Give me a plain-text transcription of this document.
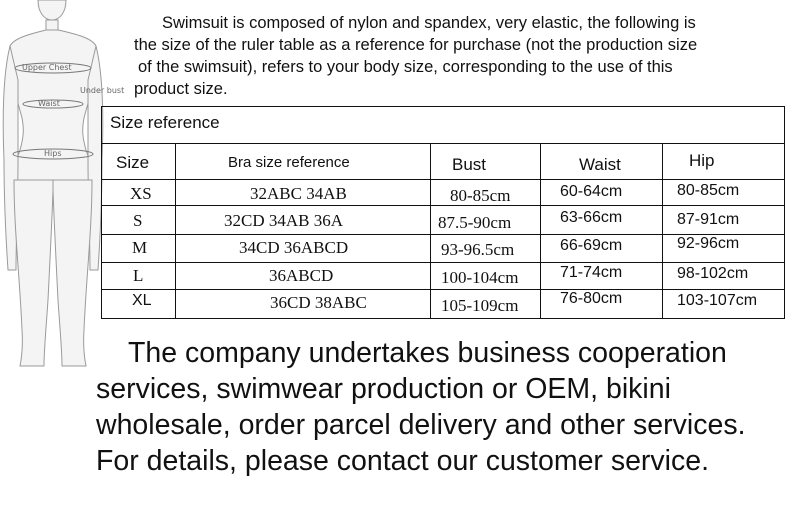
Upper Chest
Under bust
Waist
Hips
Swimsuit is composed of nylon and spandex, very elastic, the following is
the size of the ruler table as a reference for purchase (not the production size
of the swimsuit), refers to your body size, corresponding to the use of this
product size.
Size reference
Size	Bra size reference	Bust	Waist	Hip
XS	32ABC 34AB	80-85cm	60-64cm	80-85cm
S	32CD 34AB 36A	87.5-90cm	63-66cm	87-91cm
M	34CD 36ABCD	93-96.5cm	66-69cm	92-96cm
L	36ABCD	100-104cm	71-74cm	98-102cm
XL	36CD 38ABC	105-109cm	76-80cm	103-107cm
The company undertakes business cooperation
services, swimwear production or OEM, bikini
wholesale, order parcel delivery and other services.
For details, please contact our customer service.
